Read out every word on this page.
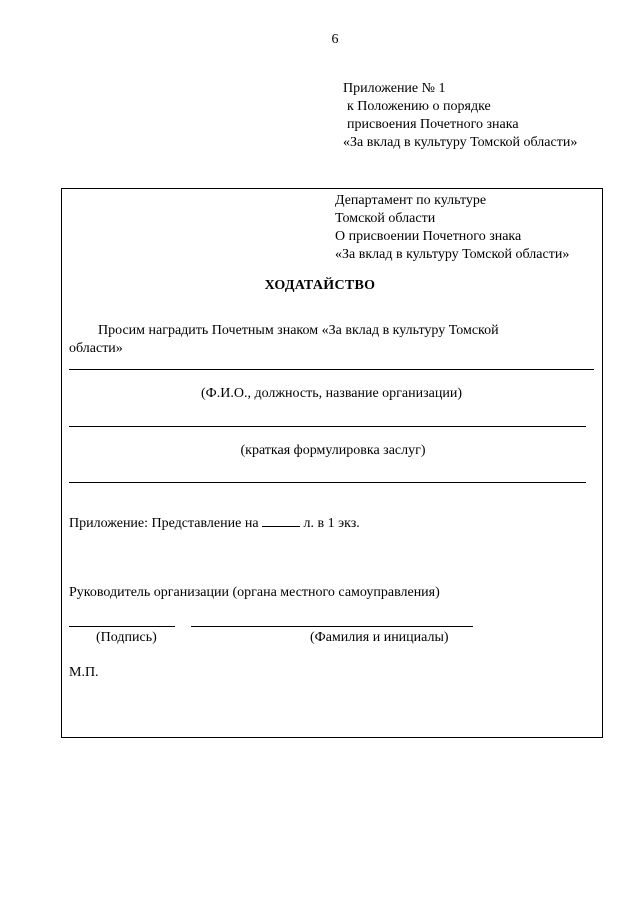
6
Приложение № 1
к Положению о порядке
присвоения Почетного знака
«За вклад в культуру Томской области»
Департамент по культуре
Томской области
О присвоении Почетного знака
«За вклад в культуру Томской области»
ХОДАТАЙСТВО
Просим наградить Почетным знаком «За вклад в культуру Томской
области»
(Ф.И.О., должность, название организации)
(краткая формулировка заслуг)
Приложение: Представление на	л. в 1 экз.
Руководитель организации (органа местного самоуправления)
(Подпись)	(Фамилия и инициалы)
М.П.
